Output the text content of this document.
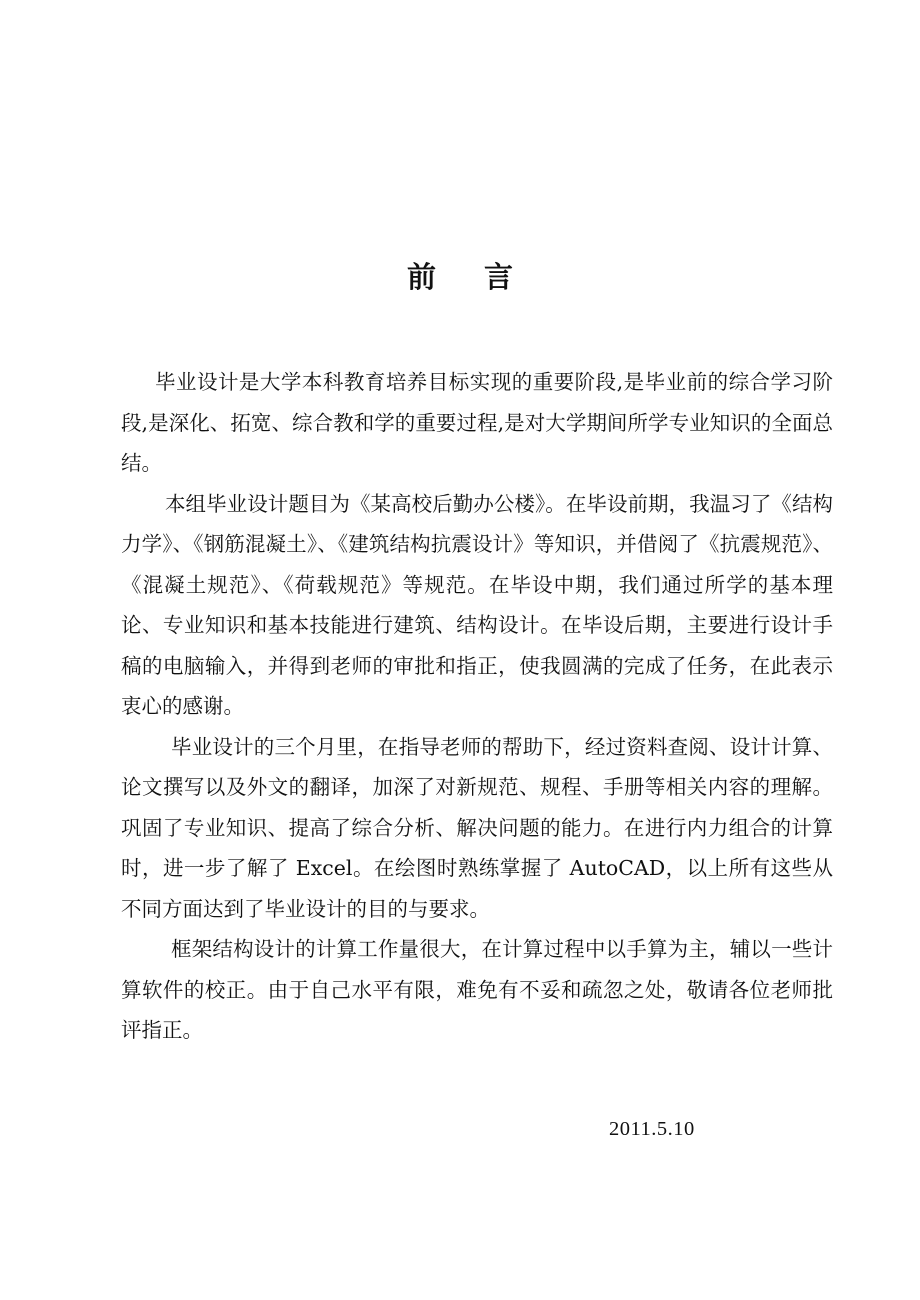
前言

毕业设计是大学本科教育培养目标实现的重要阶段,是毕业前的综合学习阶段,是深化、拓宽、综合教和学的重要过程,是对大学期间所学专业知识的全面总结。

本组毕业设计题目为《某高校后勤办公楼》。在毕设前期，我温习了《结构力学》、《钢筋混凝土》、《建筑结构抗震设计》等知识，并借阅了《抗震规范》、《混凝土规范》、《荷载规范》等规范。在毕设中期，我们通过所学的基本理论、专业知识和基本技能进行建筑、结构设计。在毕设后期，主要进行设计手稿的电脑输入，并得到老师的审批和指正，使我圆满的完成了任务，在此表示衷心的感谢。

毕业设计的三个月里，在指导老师的帮助下，经过资料查阅、设计计算、论文撰写以及外文的翻译，加深了对新规范、规程、手册等相关内容的理解。巩固了专业知识、提高了综合分析、解决问题的能力。在进行内力组合的计算时，进一步了解了 Excel。在绘图时熟练掌握了 AutoCAD，以上所有这些从不同方面达到了毕业设计的目的与要求。

框架结构设计的计算工作量很大，在计算过程中以手算为主，辅以一些计算软件的校正。由于自己水平有限，难免有不妥和疏忽之处，敬请各位老师批评指正。

2011.5.10
